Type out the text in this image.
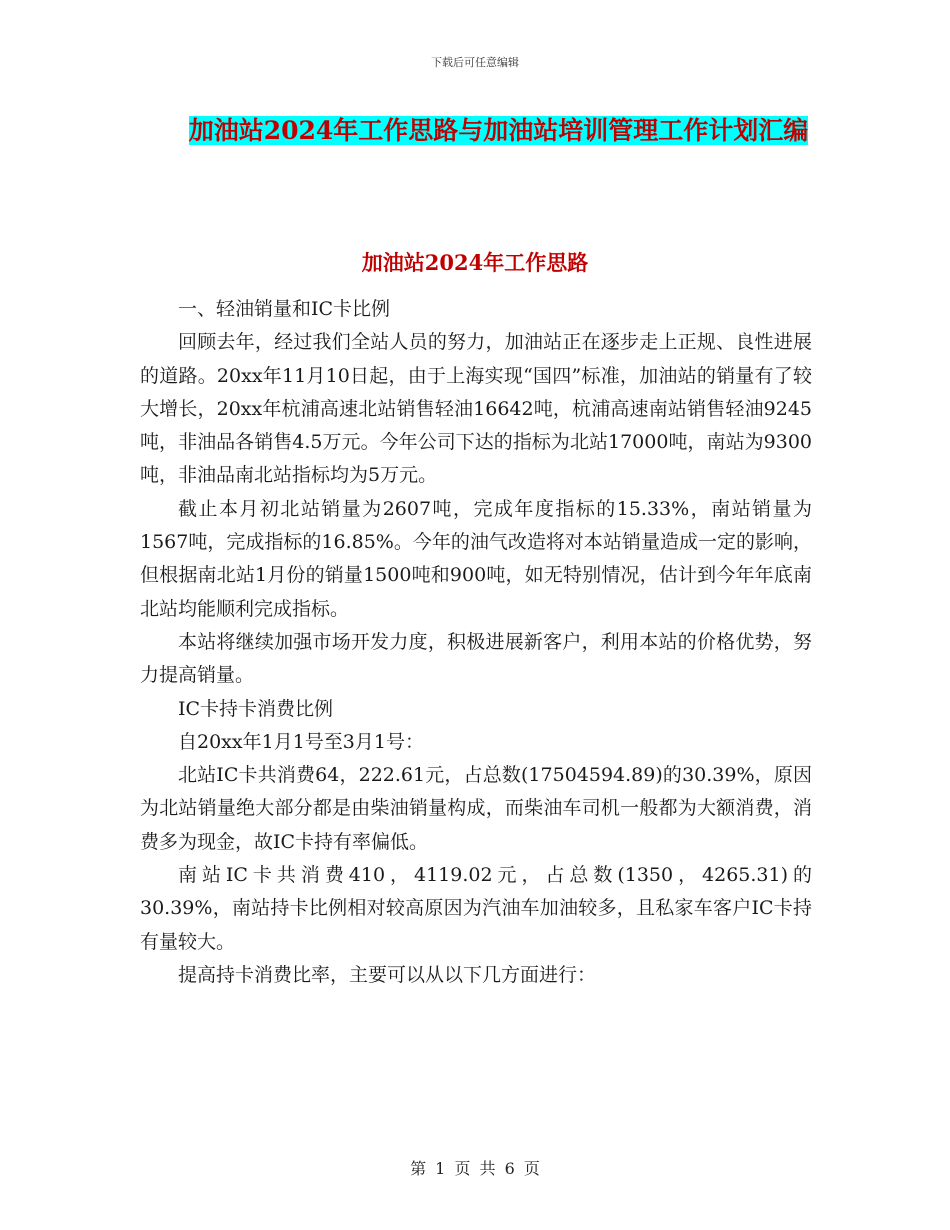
下载后可任意编辑
加油站2024年工作思路与加油站培训管理工作计划汇编
加油站2024年工作思路

一、轻油销量和IC卡比例

回顾去年，经过我们全站人员的努力，加油站正在逐步走上正规、良性进展的道路。20xx年11月10日起，由于上海实现“国四”标准，加油站的销量有了较大增长，20xx年杭浦高速北站销售轻油16642吨，杭浦高速南站销售轻油9245吨，非油品各销售4.5万元。今年公司下达的指标为北站17000吨，南站为9300吨，非油品南北站指标均为5万元。

截止本月初北站销量为2607吨，完成年度指标的15.33%，南站销量为1567吨，完成指标的16.85%。今年的油气改造将对本站销量造成一定的影响，但根据南北站1月份的销量1500吨和900吨，如无特别情况，估计到今年年底南北站均能顺利完成指标。

本站将继续加强市场开发力度，积极进展新客户，利用本站的价格优势，努力提高销量。

IC卡持卡消费比例

自20xx年1月1号至3月1号：

北站IC卡共消费64，222.61元，占总数(17504594.89)的30.39%，原因为北站销量绝大部分都是由柴油销量构成，而柴油车司机一般都为大额消费，消费多为现金，故IC卡持有率偏低。

南站IC卡共消费410，4119.02元，占总数(1350，4265.31)的30.39%，南站持卡比例相对较高原因为汽油车加油较多，且私家车客户IC卡持有量较大。

提高持卡消费比率，主要可以从以下几方面进行：

第 1 页 共 6 页
